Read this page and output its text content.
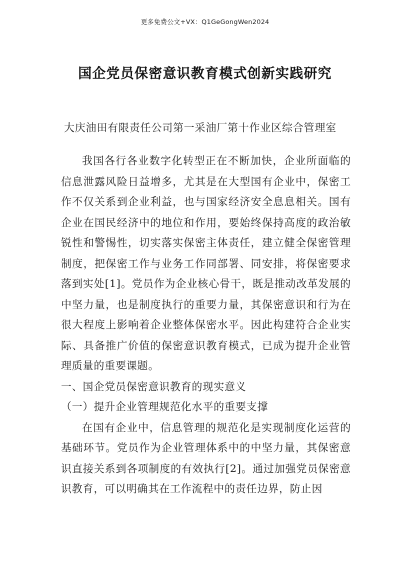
更多免费公文+VX：Q1GeGongWen2024
国企党员保密意识教育模式创新实践研究
大庆油田有限责任公司第一采油厂第十作业区综合管理室

我国各行各业数字化转型正在不断加快，企业所面临的信息泄露风险日益增多，尤其是在大型国有企业中，保密工作不仅关系到企业利益，也与国家经济安全息息相关。国有企业在国民经济中的地位和作用，要始终保持高度的政治敏锐性和警惕性，切实落实保密主体责任，建立健全保密管理制度，把保密工作与业务工作同部署、同安排，将保密要求落到实处[1]。党员作为企业核心骨干，既是推动改革发展的中坚力量，也是制度执行的重要力量，其保密意识和行为在很大程度上影响着企业整体保密水平。因此构建符合企业实际、具备推广价值的保密意识教育模式，已成为提升企业管理质量的重要课题。

一、国企党员保密意识教育的现实意义

（一）提升企业管理规范化水平的重要支撑

在国有企业中，信息管理的规范化是实现制度化运营的基础环节。党员作为企业管理体系中的中坚力量，其保密意识直接关系到各项制度的有效执行[2]。通过加强党员保密意识教育，可以明确其在工作流程中的责任边界，防止因
